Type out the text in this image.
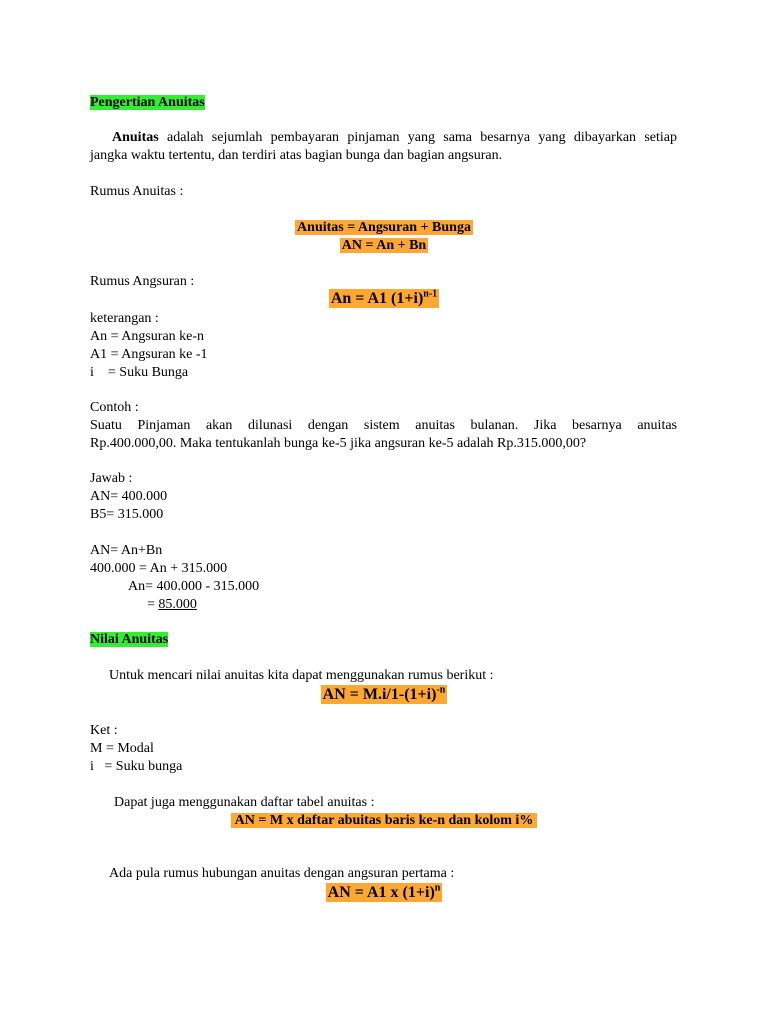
Pengertian Anuitas
Anuitas adalah sejumlah pembayaran pinjaman yang sama besarnya yang dibayarkan setiap
jangka waktu tertentu, dan terdiri atas bagian bunga dan bagian angsuran.
Rumus Anuitas :
Anuitas = Angsuran + Bunga
AN = An + Bn
Rumus Angsuran :
An = A1 $(1+i)^{n-1}$
keterangan :
An = Angsuran ke-n
A1 = Angsuran ke -1
i    = Suku Bunga
Contoh :
Suatu Pinjaman akan dilunasi dengan sistem anuitas bulanan. Jika besarnya anuitas
Rp.400.000,00. Maka tentukanlah bunga ke-5 jika angsuran ke-5 adalah Rp.315.000,00?
Jawab :
AN= 400.000
B5= 315.000
AN= An+Bn
400.000 = An + 315.000
An= 400.000 - 315.000
= 85.000
Nilai Anuitas
Untuk mencari nilai anuitas kita dapat menggunakan rumus berikut :
AN = $M.i/1-(1+i)^{-n}$
Ket :
M = Modal
i   = Suku bunga
Dapat juga menggunakan daftar tabel anuitas :
AN = M x daftar abuitas baris ke-n dan kolom i%
Ada pula rumus hubungan anuitas dengan angsuran pertama :
AN = A1 x $(1+i)^n$
